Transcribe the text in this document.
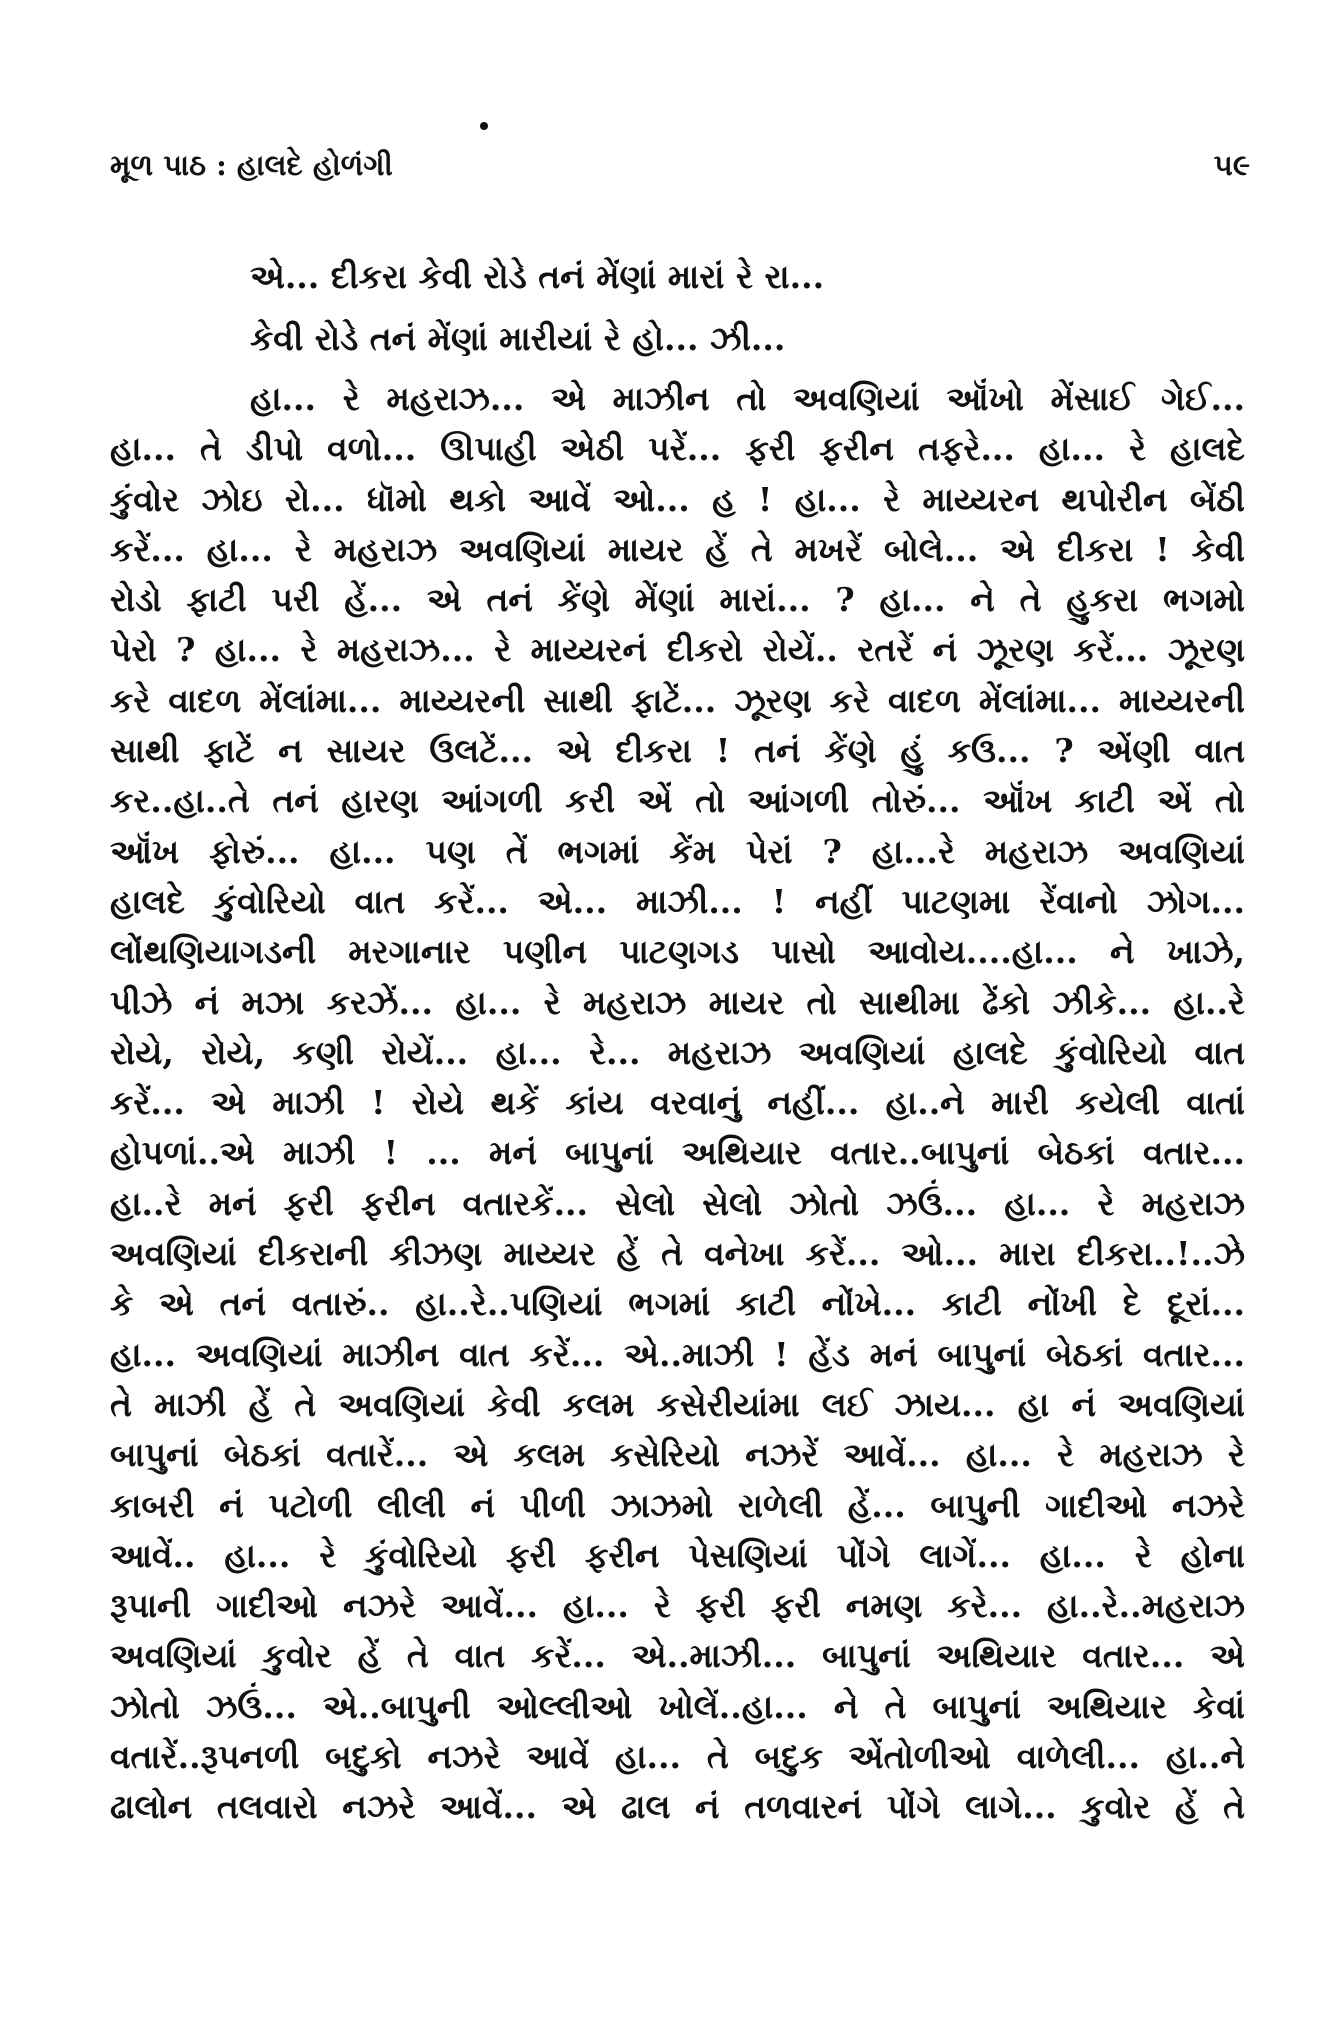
મૂળ પાઠ : હાલદે હોળંગી	૫૯
એ... દીકરા કેવી રોડે તનં મેંણાં મારાં રે રા...
કેવી રોડે તનં મેંણાં મારીયાં રે હો... ઝી...
હા... રે મહરાઝ... એ માઝીન તો અવણિયાં ઑંખો મેંસાઈ ગેઈ...
હા... તે ડીપો વળો... ઊપાહી એઠી પરેં... ફરી ફરીન તફરે... હા... રે હાલદે
કુંવોર ઝોઇ રો... ધૉમો થકો આવેં ઓ... હ ! હા... રે માય્યરન થપોરીન બેંઠી
કરેં... હા... રે મહરાઝ અવણિયાં માયર હેં તે મખરેં બોલે... એ દીકરા ! કેવી
રોડો ફાટી પરી હેં... એ તનં કેંણે મેંણાં મારાં... ? હા... ને તે હુકરા ભગમો
પેરો ? હા... રે મહરાઝ... રે માય્યરનં દીકરો રોયેં.. રતરેં નં ઝૂરણ કરેં... ઝૂરણ
કરે વાદળ મેંલાંમા... માય્યરની સાથી ફાટેં... ઝૂરણ કરે વાદળ મેંલાંમા... માય્યરની
સાથી ફાટેં ન સાયર ઉલટેં... એ દીકરા ! તનં કેંણે હું કઉ... ? એંણી વાત
કર..હા..તે તનં હારણ આંગળી કરી એં તો આંગળી તોરું... ઑંખ કાટી એં તો
ઑંખ ફોરું... હા... પણ તેં ભગમાં કેંમ પેરાં ? હા...રે મહરાઝ અવણિયાં
હાલદે કુંવોરિયો વાત કરેં... એ... માઝી... ! નહીં પાટણમા રેંવાનો ઝોગ...
લોંથણિયાગડની મરગાનાર પણીન પાટણગડ પાસો આવોય....હા... ને ખાઝે,
પીઝે નં મઝા કરઝેં... હા... રે મહરાઝ માયર તો સાથીમા ઢેંકો ઝીકે... હા..રે
રોયે, રોયે, કણી રોયેં... હા... રે... મહરાઝ અવણિયાં હાલદે કુંવોરિયો વાત
કરેં... એ માઝી ! રોયે થકેં કાંય વરવાનું નહીં... હા..ને મારી કયેલી વાતાં
હોપળાં..એ માઝી ! ... મનં બાપુનાં અથિયાર વતાર..બાપુનાં બેઠકાં વતાર...
હા..રે મનં ફરી ફરીન વતારકેં... સેલો સેલો ઝોતો ઝઉં... હા... રે મહરાઝ
અવણિયાં દીકરાની કીઝણ માય્યર હેં તે વનેખા કરેં... ઓ... મારા દીકરા..!..ઝે
કે એ તનં વતારું.. હા..રે..પણિયાં ભગમાં કાટી નોંખે... કાટી નોંખી દે દૂરાં...
હા... અવણિયાં માઝીન વાત કરેં... એ..માઝી ! હેંડ મનં બાપુનાં બેઠકાં વતાર...
તે માઝી હેં તે અવણિયાં કેવી કલમ કસેરીયાંમા લઈ ઝાય... હા નં અવણિયાં
બાપુનાં બેઠકાં વતારેં... એ કલમ કસેરિયો નઝરેં આવેં... હા... રે મહરાઝ રે
કાબરી નં પટોળી લીલી નં પીળી ઝાઝમો રાળેલી હેં... બાપુની ગાદીઓ નઝરે
આવેં.. હા... રે કુંવોરિયો ફરી ફરીન પેસણિયાં પોંગે લાગેં... હા... રે હોના
રૂપાની ગાદીઓ નઝરે આવેં... હા... રે ફરી ફરી નમણ કરે... હા..રે..મહરાઝ
અવણિયાં કુવોર હેં તે વાત કરેં... એ..માઝી... બાપુનાં અથિયાર વતાર... એ
ઝોતો ઝઉં... એ..બાપુની ઓલ્લીઓ ખોલેં..હા... ને તે બાપુનાં અથિયાર કેવાં
વતારેં..રૂપનળી બદુકો નઝરે આવેં હા... તે બદુક એંતોળીઓ વાળેલી... હા..ને
ઢાલોન તલવારો નઝરે આવેં... એ ઢાલ નં તળવારનં પોંગે લાગે... કુવોર હેં તે
